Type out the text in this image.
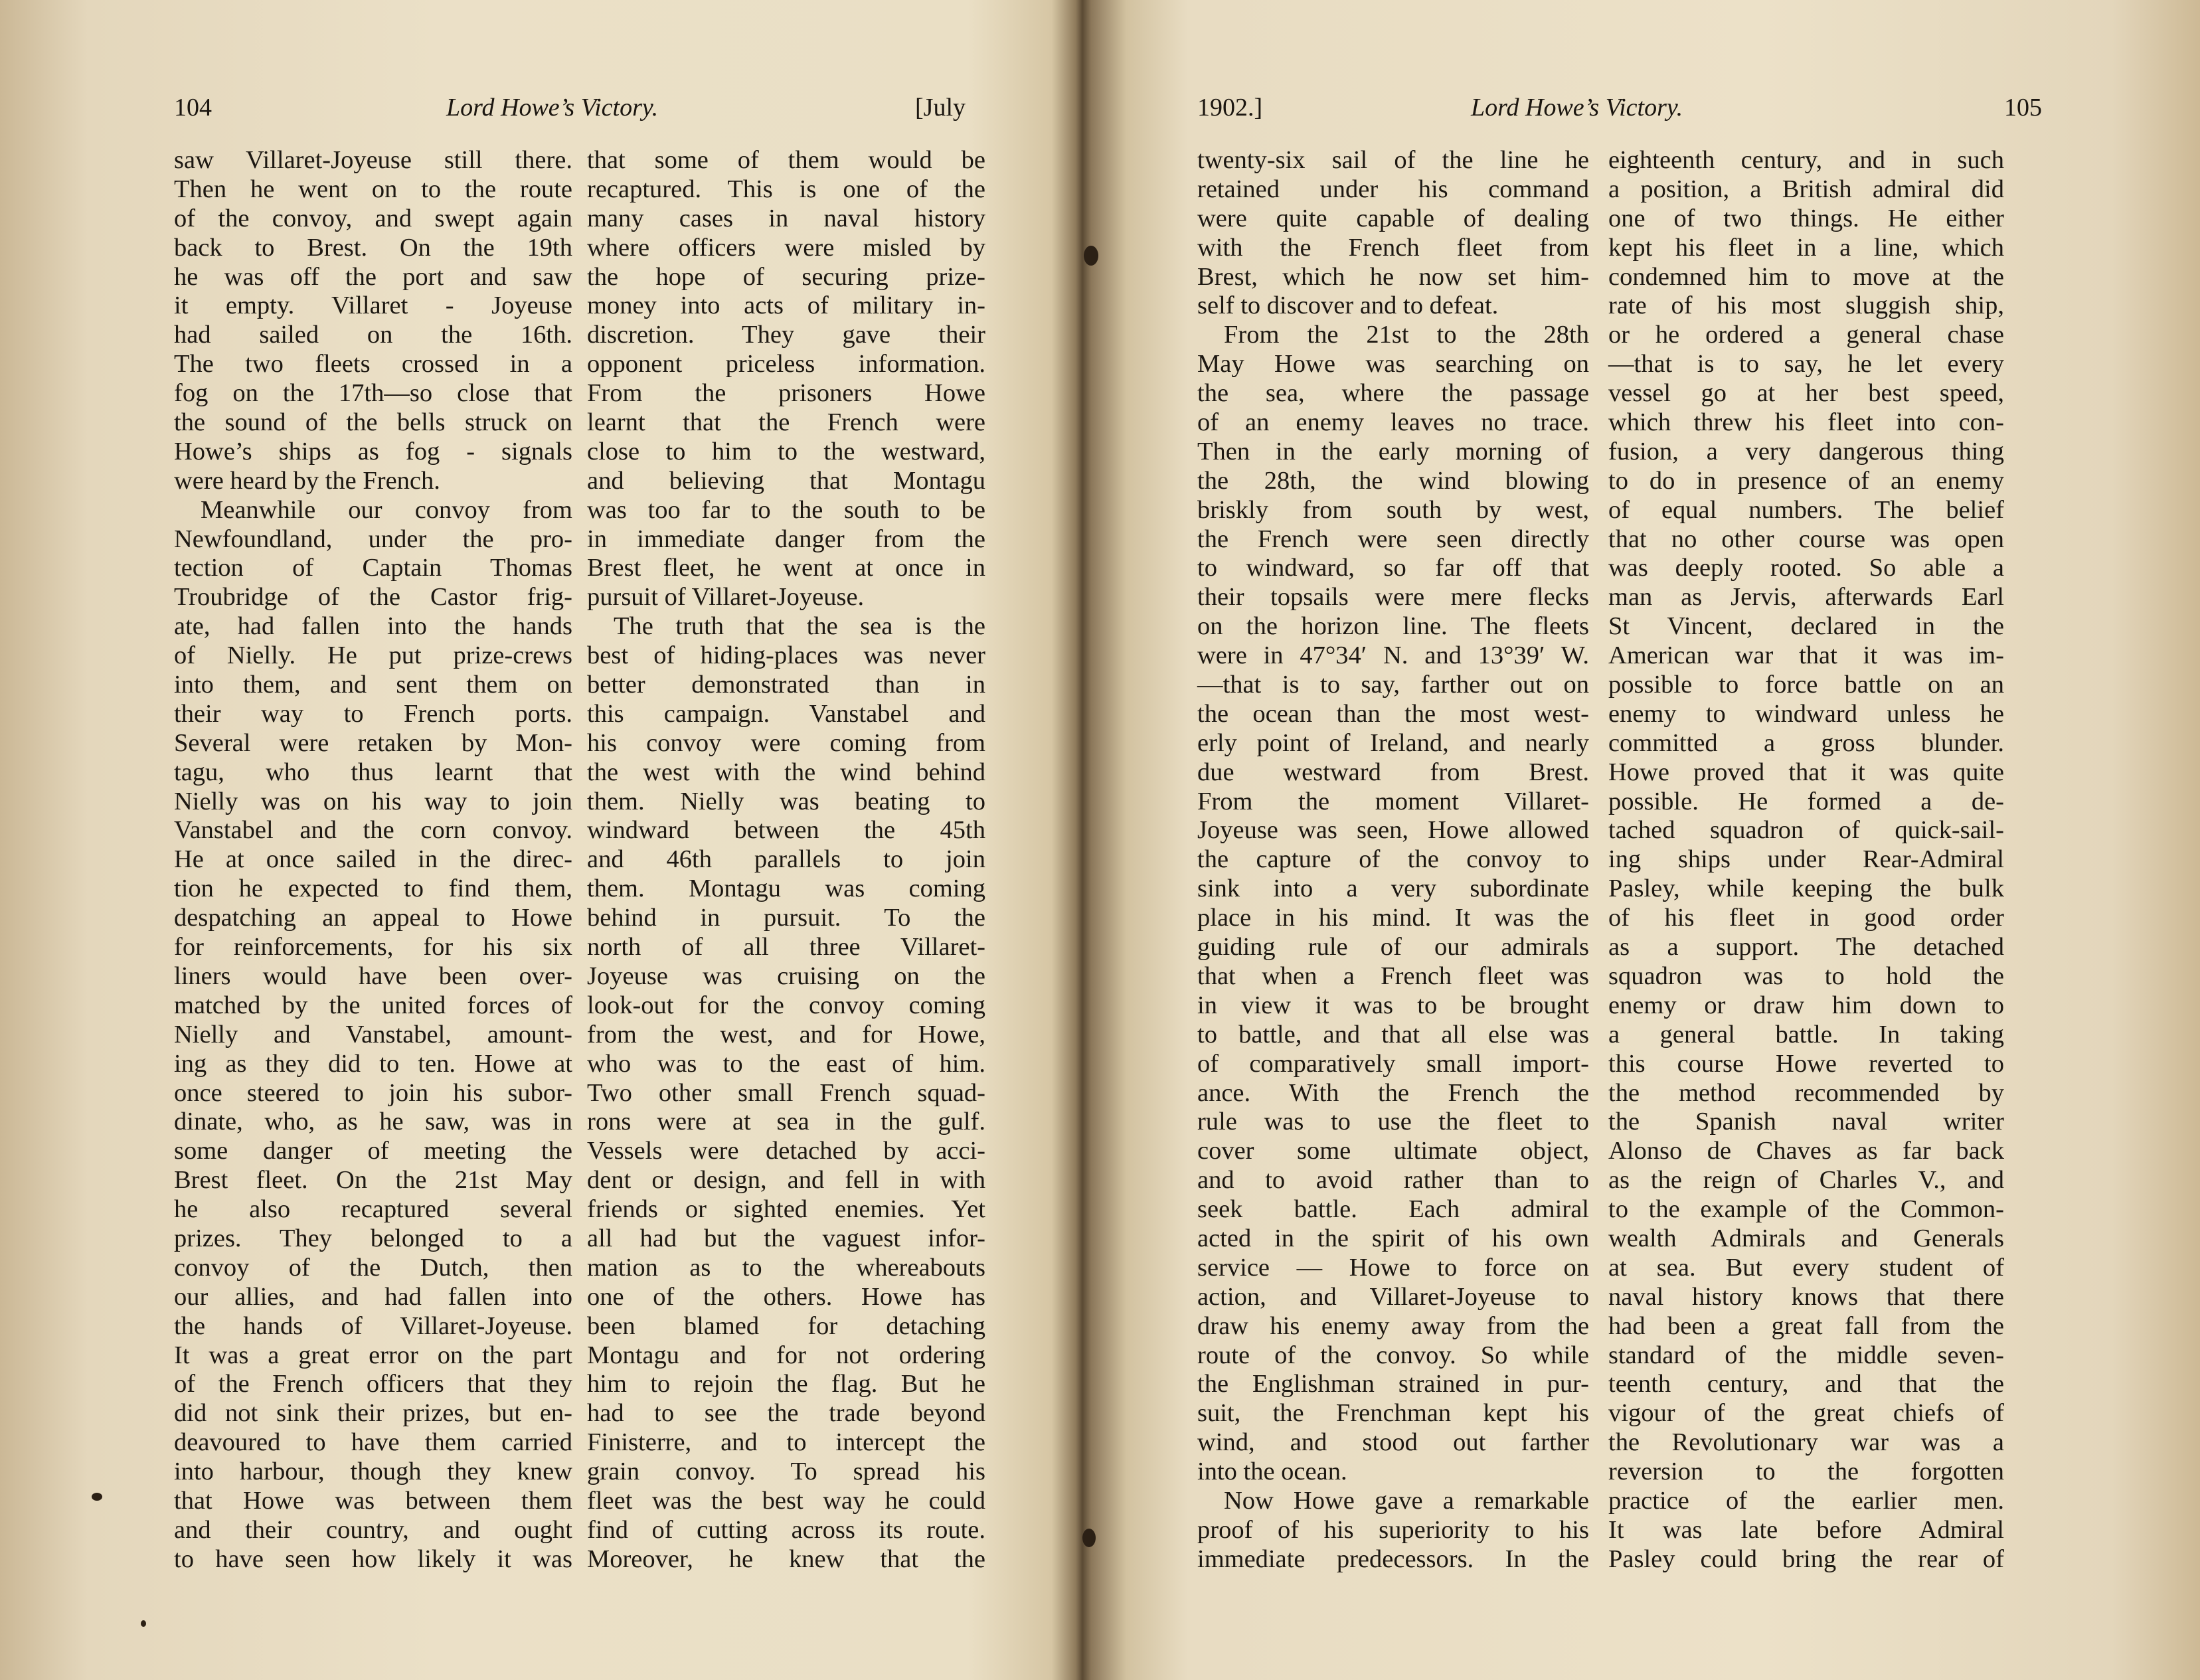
104	Lord Howe’s Victory.	[July
saw Villaret-Joyeuse still there.
Then he went on to the route
of the convoy, and swept again
back to Brest. On the 19th
he was off the port and saw
it empty. Villaret - Joyeuse
had sailed on the 16th.
The two fleets crossed in a
fog on the 17th—so close that
the sound of the bells struck on
Howe’s ships as fog - signals
were heard by the French.
Meanwhile our convoy from
Newfoundland, under the pro-
tection of Captain Thomas
Troubridge of the Castor frig-
ate, had fallen into the hands
of Nielly. He put prize-crews
into them, and sent them on
their way to French ports.
Several were retaken by Mon-
tagu, who thus learnt that
Nielly was on his way to join
Vanstabel and the corn convoy.
He at once sailed in the direc-
tion he expected to find them,
despatching an appeal to Howe
for reinforcements, for his six
liners would have been over-
matched by the united forces of
Nielly and Vanstabel, amount-
ing as they did to ten. Howe at
once steered to join his subor-
dinate, who, as he saw, was in
some danger of meeting the
Brest fleet. On the 21st May
he also recaptured several
prizes. They belonged to a
convoy of the Dutch, then
our allies, and had fallen into
the hands of Villaret-Joyeuse.
It was a great error on the part
of the French officers that they
did not sink their prizes, but en-
deavoured to have them carried
into harbour, though they knew
that Howe was between them
and their country, and ought
to have seen how likely it was
that some of them would be
recaptured. This is one of the
many cases in naval history
where officers were misled by
the hope of securing prize-
money into acts of military in-
discretion. They gave their
opponent priceless information.
From the prisoners Howe
learnt that the French were
close to him to the westward,
and believing that Montagu
was too far to the south to be
in immediate danger from the
Brest fleet, he went at once in
pursuit of Villaret-Joyeuse.
The truth that the sea is the
best of hiding-places was never
better demonstrated than in
this campaign. Vanstabel and
his convoy were coming from
the west with the wind behind
them. Nielly was beating to
windward between the 45th
and 46th parallels to join
them. Montagu was coming
behind in pursuit. To the
north of all three Villaret-
Joyeuse was cruising on the
look-out for the convoy coming
from the west, and for Howe,
who was to the east of him.
Two other small French squad-
rons were at sea in the gulf.
Vessels were detached by acci-
dent or design, and fell in with
friends or sighted enemies. Yet
all had but the vaguest infor-
mation as to the whereabouts
one of the others. Howe has
been blamed for detaching
Montagu and for not ordering
him to rejoin the flag. But he
had to see the trade beyond
Finisterre, and to intercept the
grain convoy. To spread his
fleet was the best way he could
find of cutting across its route.
Moreover, he knew that the
1902.]	Lord Howe’s Victory.	105
twenty-six sail of the line he
retained under his command
were quite capable of dealing
with the French fleet from
Brest, which he now set him-
self to discover and to defeat.
From the 21st to the 28th
May Howe was searching on
the sea, where the passage
of an enemy leaves no trace.
Then in the early morning of
the 28th, the wind blowing
briskly from south by west,
the French were seen directly
to windward, so far off that
their topsails were mere flecks
on the horizon line. The fleets
were in 47°34′ N. and 13°39′ W.
—that is to say, farther out on
the ocean than the most west-
erly point of Ireland, and nearly
due westward from Brest.
From the moment Villaret-
Joyeuse was seen, Howe allowed
the capture of the convoy to
sink into a very subordinate
place in his mind. It was the
guiding rule of our admirals
that when a French fleet was
in view it was to be brought
to battle, and that all else was
of comparatively small import-
ance. With the French the
rule was to use the fleet to
cover some ultimate object,
and to avoid rather than to
seek battle. Each admiral
acted in the spirit of his own
service — Howe to force on
action, and Villaret-Joyeuse to
draw his enemy away from the
route of the convoy. So while
the Englishman strained in pur-
suit, the Frenchman kept his
wind, and stood out farther
into the ocean.
Now Howe gave a remarkable
proof of his superiority to his
immediate predecessors. In the
eighteenth century, and in such
a position, a British admiral did
one of two things. He either
kept his fleet in a line, which
condemned him to move at the
rate of his most sluggish ship,
or he ordered a general chase
—that is to say, he let every
vessel go at her best speed,
which threw his fleet into con-
fusion, a very dangerous thing
to do in presence of an enemy
of equal numbers. The belief
that no other course was open
was deeply rooted. So able a
man as Jervis, afterwards Earl
St Vincent, declared in the
American war that it was im-
possible to force battle on an
enemy to windward unless he
committed a gross blunder.
Howe proved that it was quite
possible. He formed a de-
tached squadron of quick-sail-
ing ships under Rear-Admiral
Pasley, while keeping the bulk
of his fleet in good order
as a support. The detached
squadron was to hold the
enemy or draw him down to
a general battle. In taking
this course Howe reverted to
the method recommended by
the Spanish naval writer
Alonso de Chaves as far back
as the reign of Charles V., and
to the example of the Common-
wealth Admirals and Generals
at sea. But every student of
naval history knows that there
had been a great fall from the
standard of the middle seven-
teenth century, and that the
vigour of the great chiefs of
the Revolutionary war was a
reversion to the forgotten
practice of the earlier men.
It was late before Admiral
Pasley could bring the rear of
